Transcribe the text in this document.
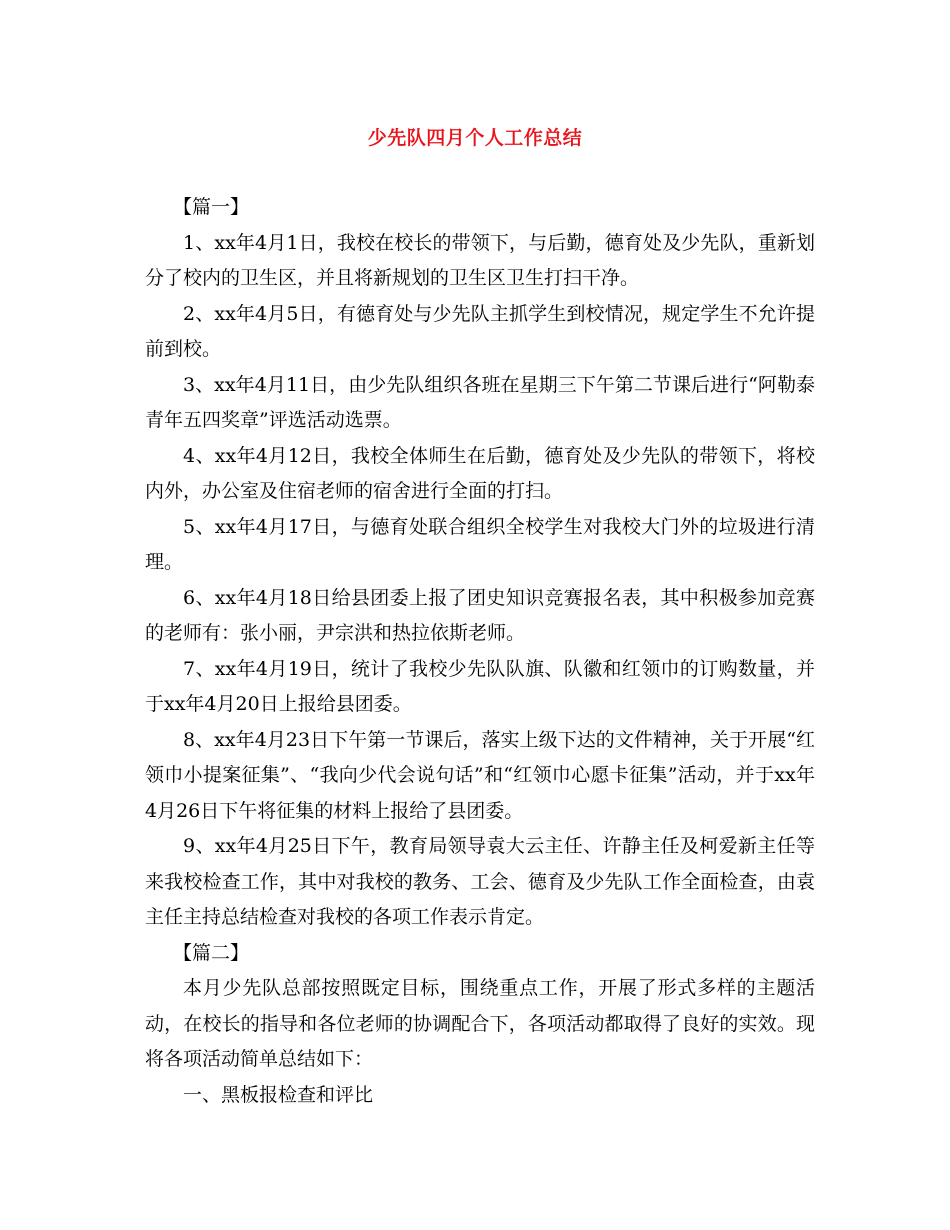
少先队四月个人工作总结

【篇一】

1、xx年4月1日，我校在校长的带领下，与后勤，德育处及少先队，重新划分了校内的卫生区，并且将新规划的卫生区卫生打扫干净。

2、xx年4月5日，有德育处与少先队主抓学生到校情况，规定学生不允许提前到校。

3、xx年4月11日，由少先队组织各班在星期三下午第二节课后进行“阿勒泰青年五四奖章”评选活动选票。

4、xx年4月12日，我校全体师生在后勤，德育处及少先队的带领下，将校内外，办公室及住宿老师的宿舍进行全面的打扫。

5、xx年4月17日，与德育处联合组织全校学生对我校大门外的垃圾进行清理。

6、xx年4月18日给县团委上报了团史知识竞赛报名表，其中积极参加竞赛的老师有：张小丽，尹宗洪和热拉依斯老师。

7、xx年4月19日，统计了我校少先队队旗、队徽和红领巾的订购数量，并于xx年4月20日上报给县团委。

8、xx年4月23日下午第一节课后，落实上级下达的文件精神，关于开展“红领巾小提案征集”、“我向少代会说句话”和“红领巾心愿卡征集”活动，并于xx年4月26日下午将征集的材料上报给了县团委。

9、xx年4月25日下午，教育局领导袁大云主任、许静主任及柯爱新主任等来我校检查工作，其中对我校的教务、工会、德育及少先队工作全面检查，由袁主任主持总结检查对我校的各项工作表示肯定。

【篇二】

本月少先队总部按照既定目标，围绕重点工作，开展了形式多样的主题活动，在校长的指导和各位老师的协调配合下，各项活动都取得了良好的实效。现将各项活动简单总结如下：

一、黑板报检查和评比
